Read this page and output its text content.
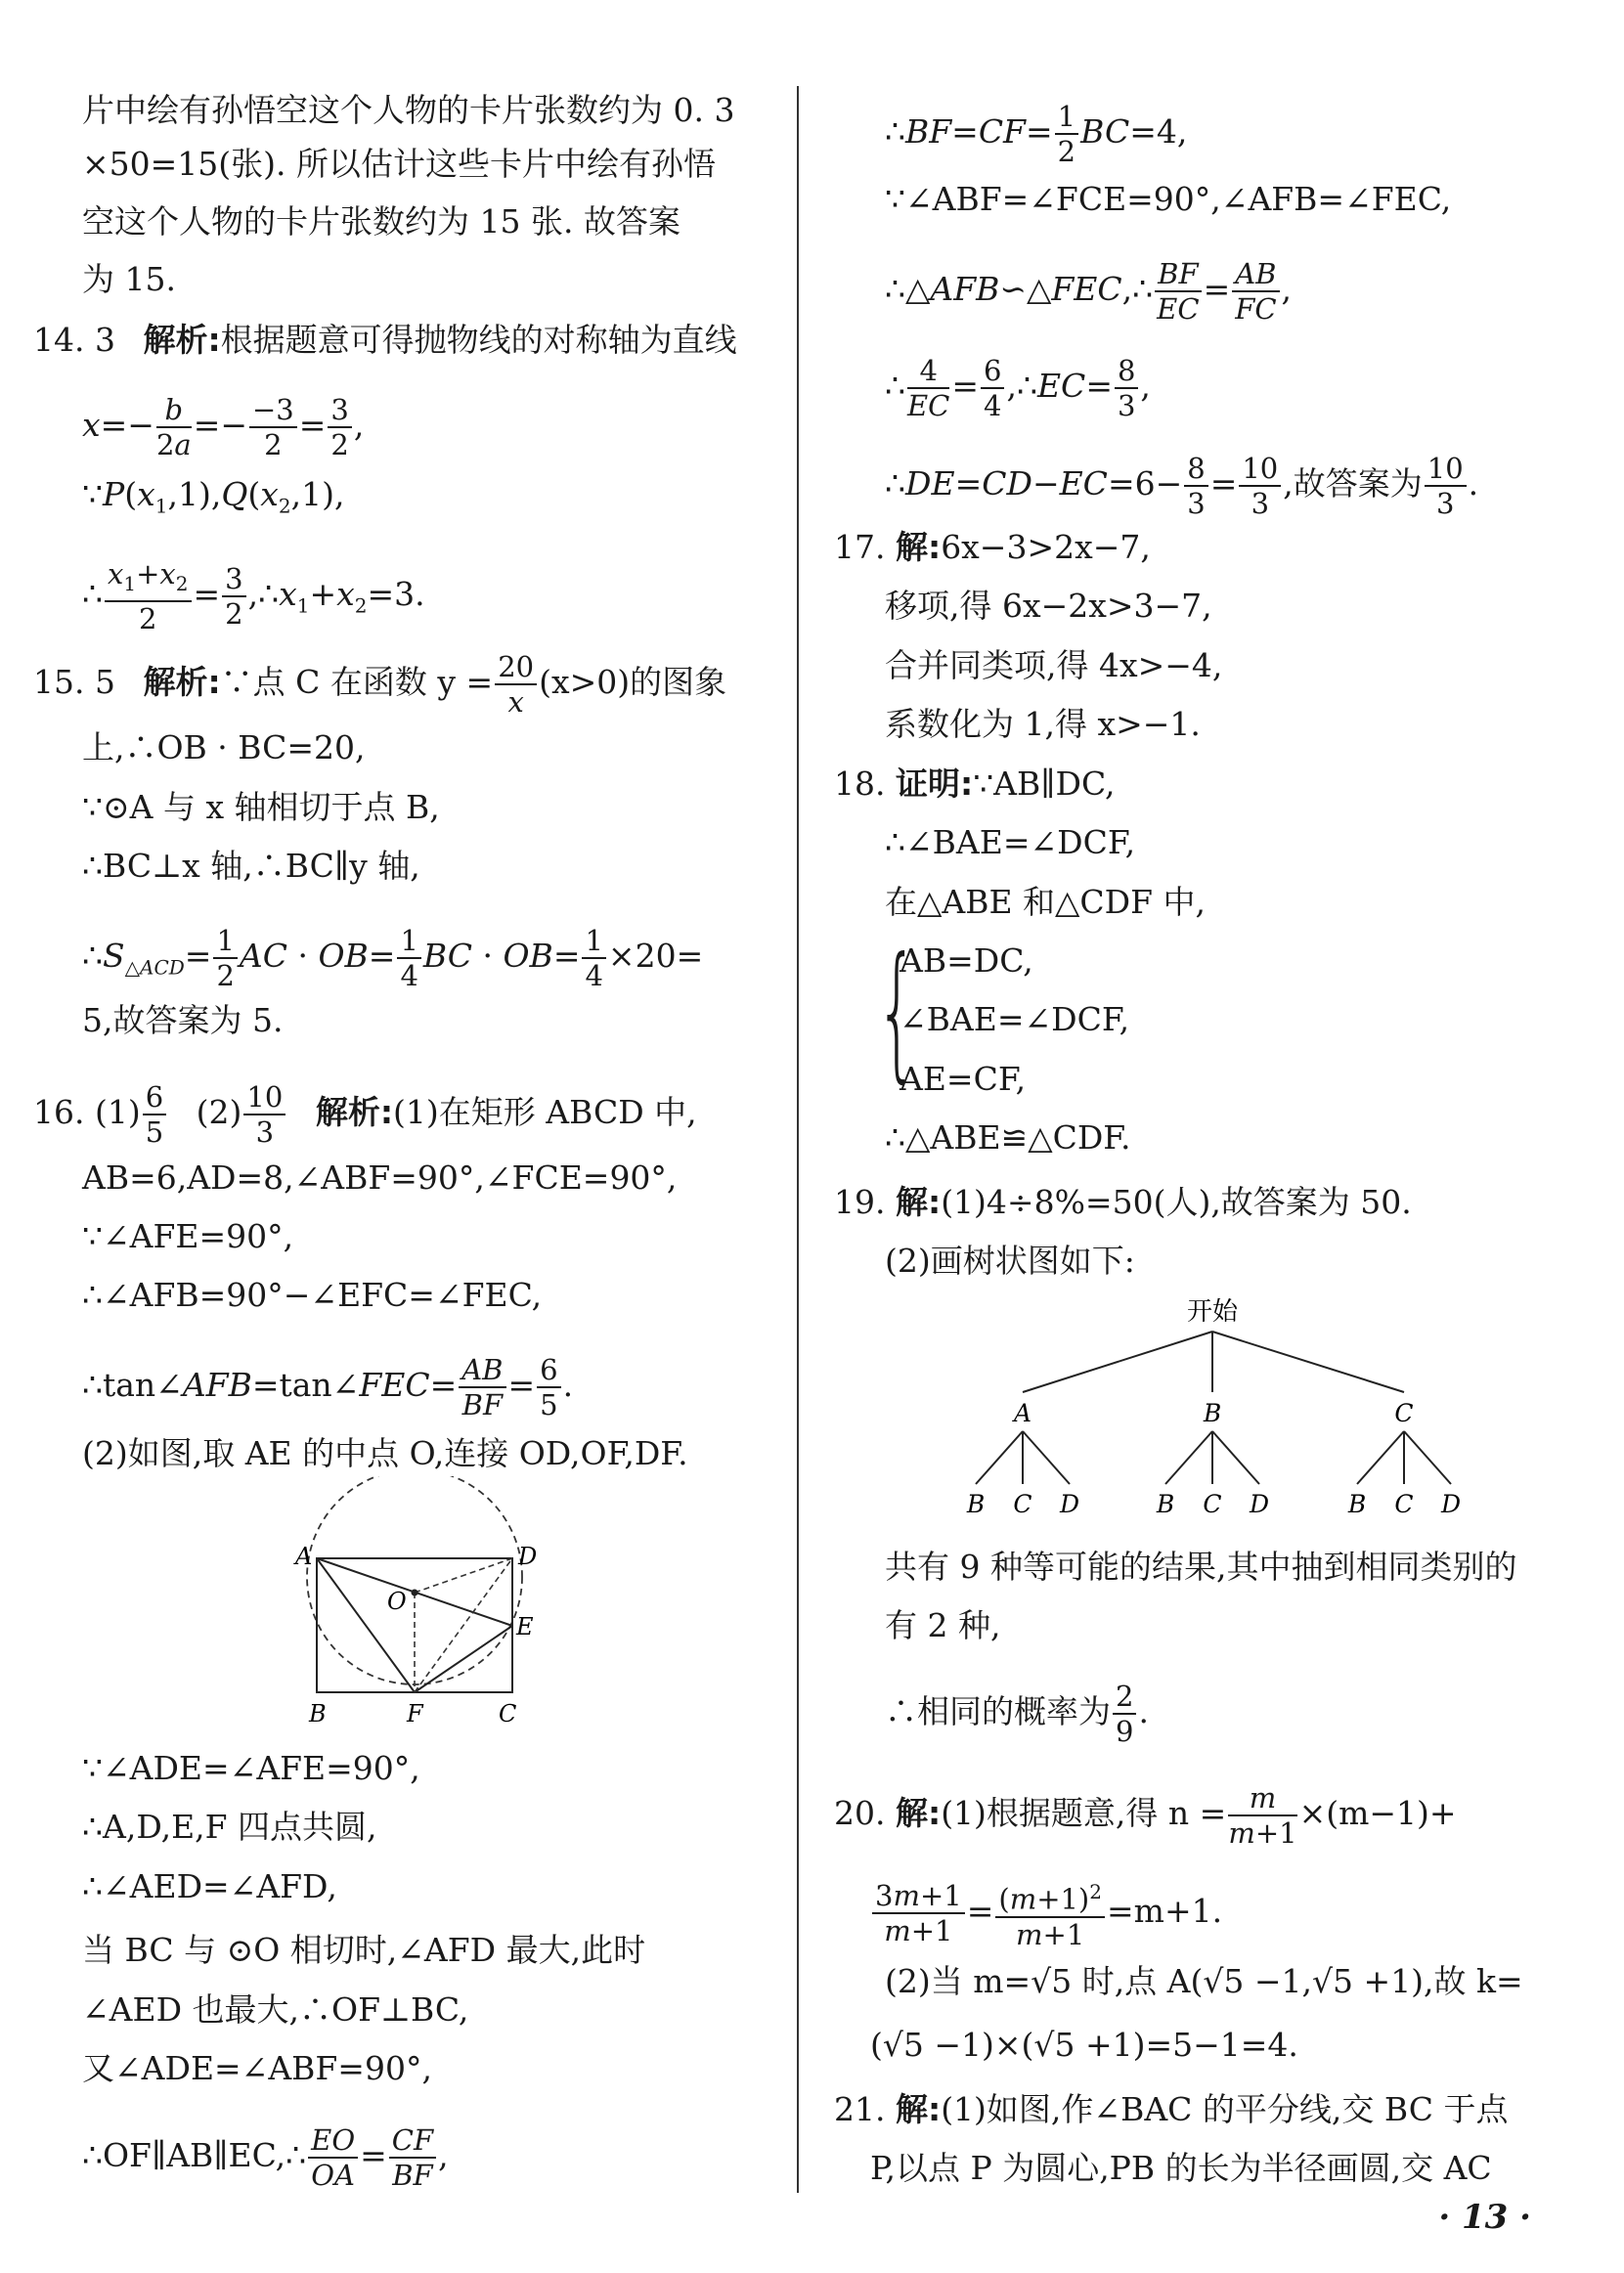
片中绘有孙悟空这个人物的卡片张数约为 0. 3
×50=15(张). 所以估计这些卡片中绘有孙悟
空这个人物的卡片张数约为 15 张. 故答案
为 15.
14. 3 解析:根据题意可得抛物线的对称轴为直线
$x=- \frac{b}{2a} =- \frac{-3}{2} = \frac{3}{2}$ ,
$\because P(x_1,1),Q(x_2,1)$,
∴ $\frac{x_1+x_2}{2} = \frac{3}{2}$ $,\therefore x_1+x_2=3$.
15. 5 解析:∵点 C 在函数 $y = \frac{20}{x} (x>0)$的图象
上,∴OB · BC=20,
∵⊙A 与 x 轴相切于点 B,
∴BC⊥x 轴,∴BC∥y 轴,
$\therefore S_{\triangle ACD}= \frac{1}{2}$ AC · $OB= \frac{1}{4}$ BC · $OB= \frac{1}{4} \times 20=$
5,故答案为 5.
16. $(1) \frac{6}{5} (2) \frac{10}{3}$ 解析:(1)在矩形 ABCD 中,
AB=6,AD=8,∠ABF=90°,∠FCE=90°,
∵∠AFE=90°,
∴∠AFB=90°−∠EFC=∠FEC,
∴tan∠AFB=tan∠FEC= $\frac{AB}{BF} = \frac{6}{5}$ .
(2)如图,取 AE 的中点 O,连接 OD,OF,DF.
A	D
O
E
B	F	C
∵∠ADE=∠AFE=90°,
∴A,D,E,F 四点共圆,
∴∠AED=∠AFD,
当 BC 与 ⊙O 相切时,∠AFD 最大,此时
∠AED 也最大,∴OF⊥BC,
又∠ADE=∠ABF=90°,
∴OF∥AB∥EC,∴ $\frac{EO}{OA} = \frac{CF}{BF}$ ,
∴BF=CF= $\frac{1}{2} BC=4$,
∵∠ABF=∠FCE=90°,∠AFB=∠FEC,
∴△AFB∽△FEC,∴ $\frac{BF}{EC} = \frac{AB}{FC}$ ,
∴ $\frac{4}{EC} = \frac{6}{4}$ ,∴EC= $\frac{8}{3}$ ,
∴DE=CD−EC=6− $\frac{8}{3} = \frac{10}{3}$ ,故答案为 $\frac{10}{3}$ .
17. 解:6x−3>2x−7,
移项,得 6x−2x>3−7,
合并同类项,得 4x>−4,
系数化为 1,得 x>−1.
18. 证明:∵AB∥DC,
∴∠BAE=∠DCF,
在△ABE 和△CDF 中,
{
AB=DC,
∠BAE=∠DCF,
AE=CF,
∴△ABE≌△CDF.
19. 解:(1)4÷8%=50(人),故答案为 50.
(2)画树状图如下:
开始
A	B	C
B C D	B C D	B C D
共有 9 种等可能的结果,其中抽到相同类别的
有 2 种,
∴相同的概率为 $\frac{2}{9}$ .
20. 解:(1)根据题意,得 $n = \frac{m}{m+1} \times(m-1)+$
$\frac{3m+1}{m+1} = \frac{(m+1)^2}{m+1} =m+1$.
(2)当 m=√5 时,点 A(√5 −1,√5 +1),故 k=
(√5 −1)×(√5 +1)=5−1=4.
21. 解:(1)如图,作∠BAC 的平分线,交 BC 于点
P,以点 P 为圆心,PB 的长为半径画圆,交 AC
· 13 ·
